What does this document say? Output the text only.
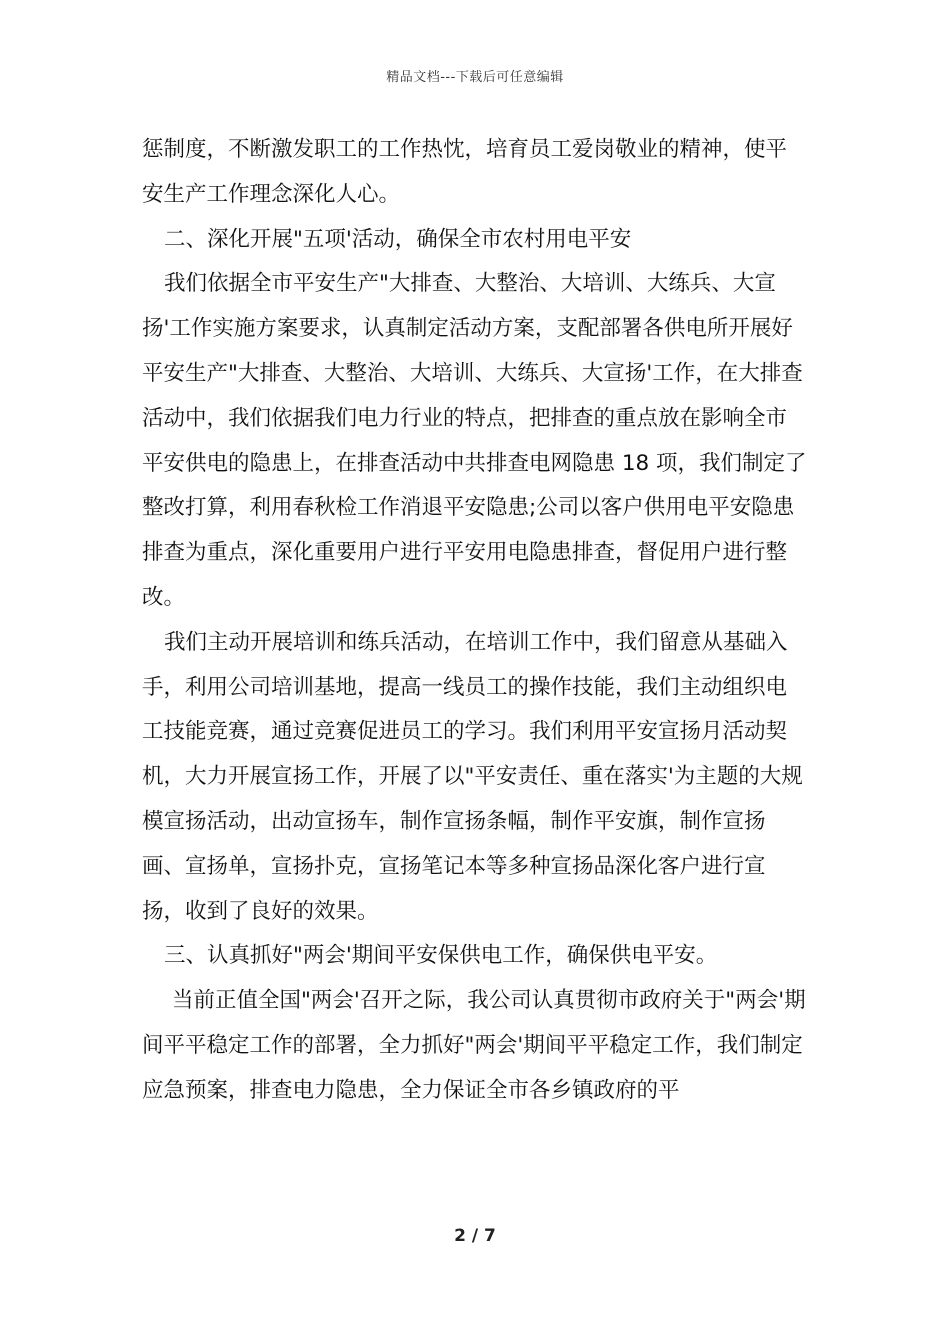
精品文档---下载后可任意编辑

惩制度，不断激发职工的工作热忱，培育员工爱岗敬业的精神，使平安生产工作理念深化人心。

二、深化开展"五项'活动，确保全市农村用电平安

我们依据全市平安生产"大排查、大整治、大培训、大练兵、大宣扬'工作实施方案要求，认真制定活动方案，支配部署各供电所开展好平安生产"大排查、大整治、大培训、大练兵、大宣扬'工作，在大排查活动中，我们依据我们电力行业的特点，把排查的重点放在影响全市平安供电的隐患上，在排查活动中共排查电网隐患 18 项，我们制定了整改打算，利用春秋检工作消退平安隐患;公司以客户供用电平安隐患排查为重点，深化重要用户进行平安用电隐患排查，督促用户进行整改。

我们主动开展培训和练兵活动，在培训工作中，我们留意从基础入手，利用公司培训基地，提高一线员工的操作技能，我们主动组织电工技能竞赛，通过竞赛促进员工的学习。我们利用平安宣扬月活动契机，大力开展宣扬工作，开展了以"平安责任、重在落实'为主题的大规模宣扬活动，出动宣扬车，制作宣扬条幅，制作平安旗，制作宣扬画、宣扬单，宣扬扑克，宣扬笔记本等多种宣扬品深化客户进行宣扬，收到了良好的效果。

三、认真抓好"两会'期间平安保供电工作，确保供电平安。

当前正值全国"两会'召开之际，我公司认真贯彻市政府关于"两会'期间平平稳定工作的部署，全力抓好"两会'期间平平稳定工作，我们制定应急预案，排查电力隐患，全力保证全市各乡镇政府的平

2 / 7
